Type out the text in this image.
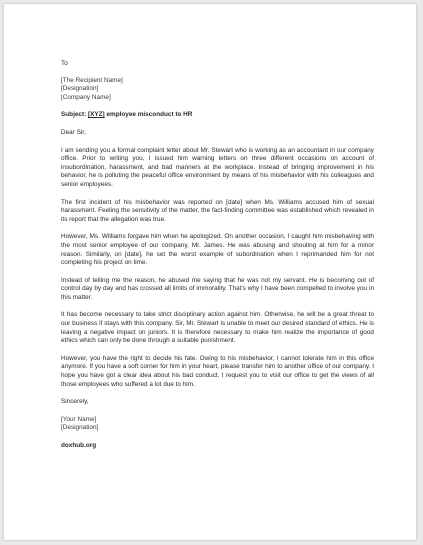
To
[The Recipient Name]
[Designation]
[Company Name]
Subject: [XYZ] employee misconduct to HR
Dear Sir,
I am sending you a formal complaint letter about Mr. Stewart who is working as an accountant in our company office. Prior to writing you, I issued him warning letters on three different occasions on account of insubordination, harassment, and bad manners at the workplace. Instead of bringing improvement in his behavior, he is polluting the peaceful office environment by means of his misbehavior with his colleagues and senior employees.
The first incident of his misbehavior was reported on [date] when Ms. Williams accused him of sexual harassment. Feeling the sensitivity of the matter, the fact-finding committee was established which revealed in its report that the allegation was true.
However, Ms. Williams forgave him when he apologized. On another occasion, I caught him misbehaving with the most senior employee of our company, Mr. James. He was abusing and shouting at him for a minor reason. Similarly, on [date], he set the worst example of subordination when I reprimanded him for not completing his project on time.
Instead of telling me the reason, he abused me saying that he was not my servant. He is becoming out of control day by day and has crossed all limits of immorality. That's why I have been compelled to involve you in this matter.
It has become necessary to take strict disciplinary action against him. Otherwise, he will be a great threat to our business if stays with this company. Sir, Mr. Stewart is unable to meet our desired standard of ethics. He is leaving a negative impact on juniors. It is therefore necessary to make him realize the importance of good ethics which can only be done through a suitable punishment.
However, you have the right to decide his fate. Owing to his misbehavior, I cannot tolerate him in this office anymore. If you have a soft corner for him in your heart, please transfer him to another office of our company. I hope you have got a clear idea about his bad conduct. I request you to visit our office to get the views of all those employees who suffered a lot due to him.
Sincerely,
[Your Name]
[Designation]
doxhub.org
